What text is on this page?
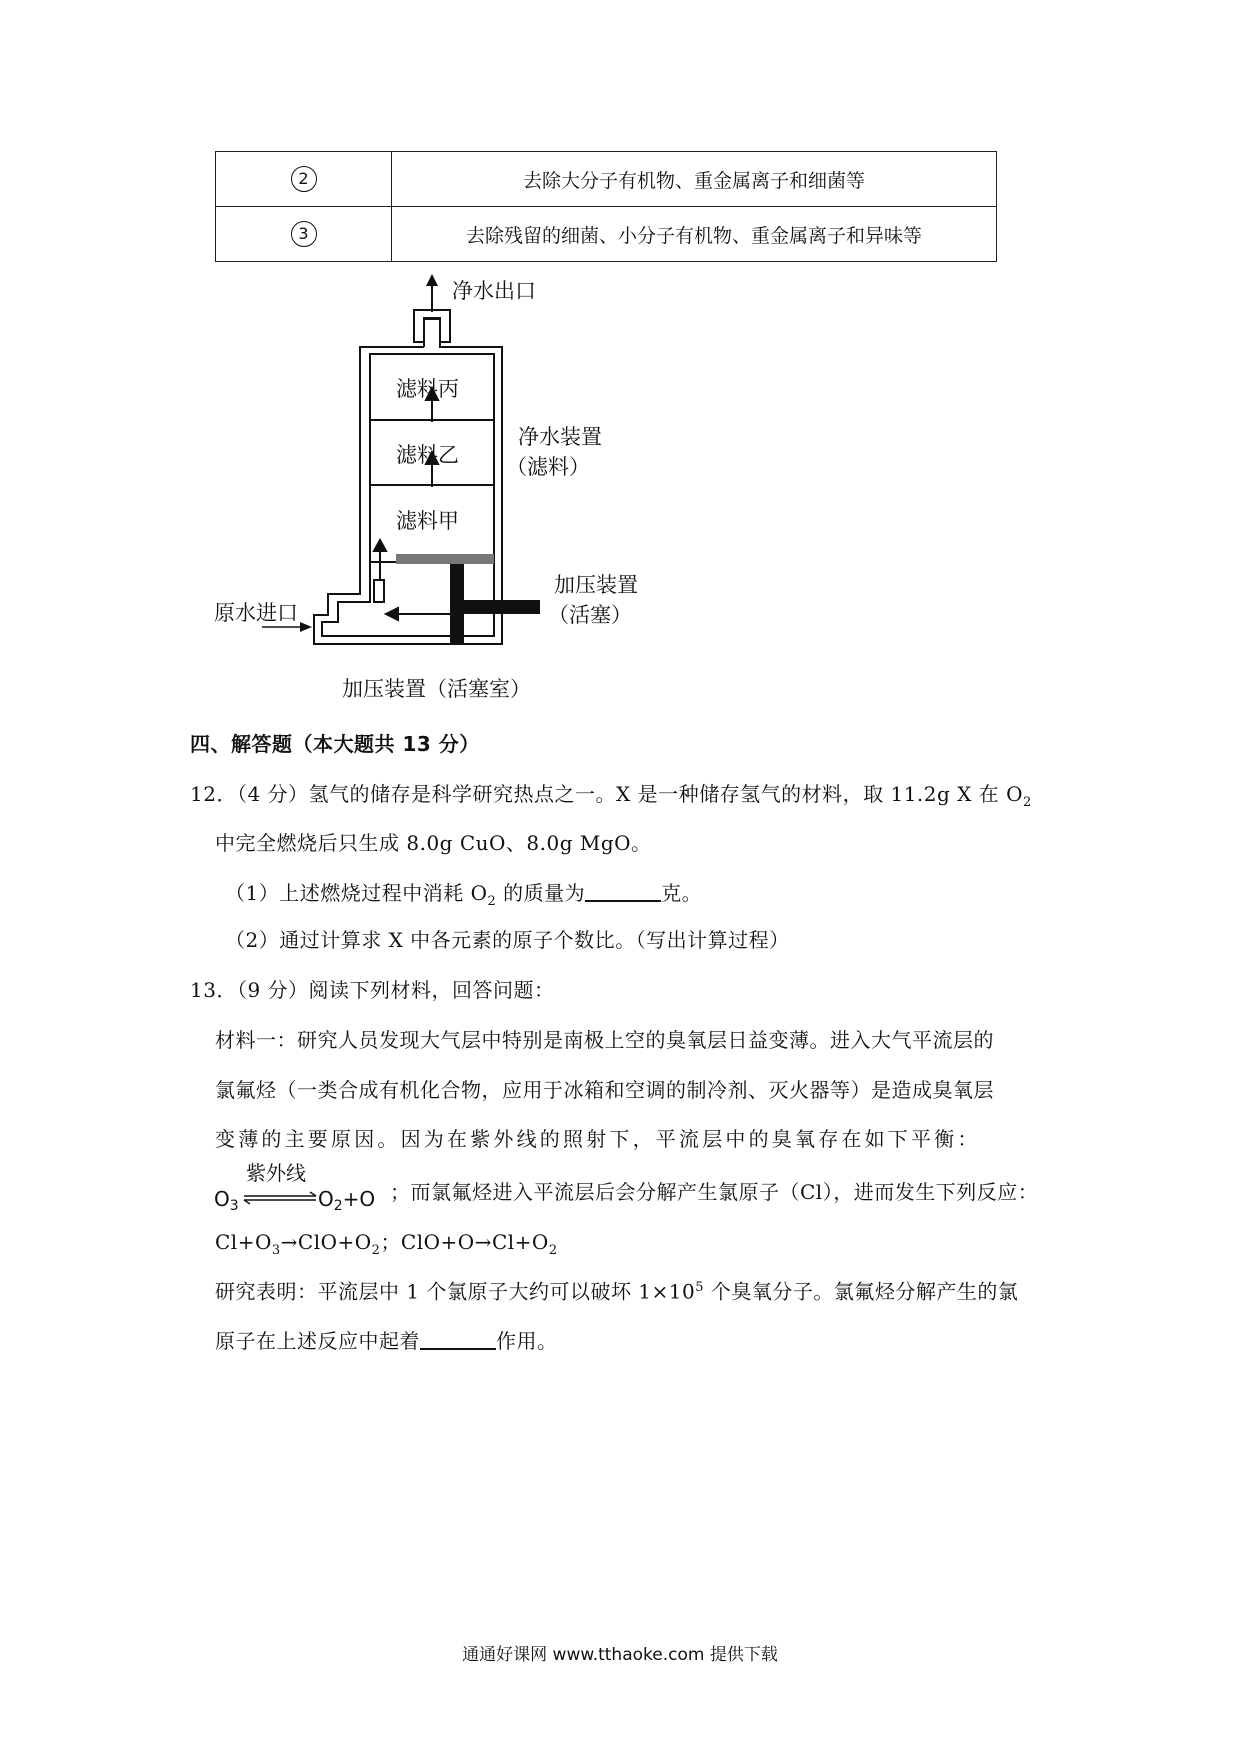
2	去除大分子有机物、重金属离子和细菌等
3	去除残留的细菌、小分子有机物、重金属离子和异味等
净水出口
滤料丙
滤料乙
滤料甲
净水装置
（滤料）
加压装置
（活塞）
原水进口
加压装置（活塞室）
四、解答题（本大题共 13 分）
12．（4 分）氢气的储存是科学研究热点之一。X 是一种储存氢气的材料，取 11.2g X 在 $O_2$
中完全燃烧后只生成 8.0g CuO、8.0g MgO。
（1）上述燃烧过程中消耗 $O_2$ 的质量为	克。
（2）通过计算求 X 中各元素的原子个数比。（写出计算过程）
13．（9 分）阅读下列材料，回答问题：
材料一：研究人员发现大气层中特别是南极上空的臭氧层日益变薄。进入大气平流层的
氯氟烃（一类合成有机化合物，应用于冰箱和空调的制冷剂、灭火器等）是造成臭氧层
变薄的主要原因。因为在紫外线的照射下，平流层中的臭氧存在如下平衡：
紫外线
$O_3$	$O_2+O$ ；而氯氟烃进入平流层后会分解产生氯原子（Cl），进而发生下列反应：
$Cl+O_3\to ClO+O_2$；$ClO+O\to Cl+O_2$
研究表明：平流层中 1 个氯原子大约可以破坏 $1\times 10^5$ 个臭氧分子。氯氟烃分解产生的氯
原子在上述反应中起着	作用。
通通好课网 www.tthaoke.com 提供下载
